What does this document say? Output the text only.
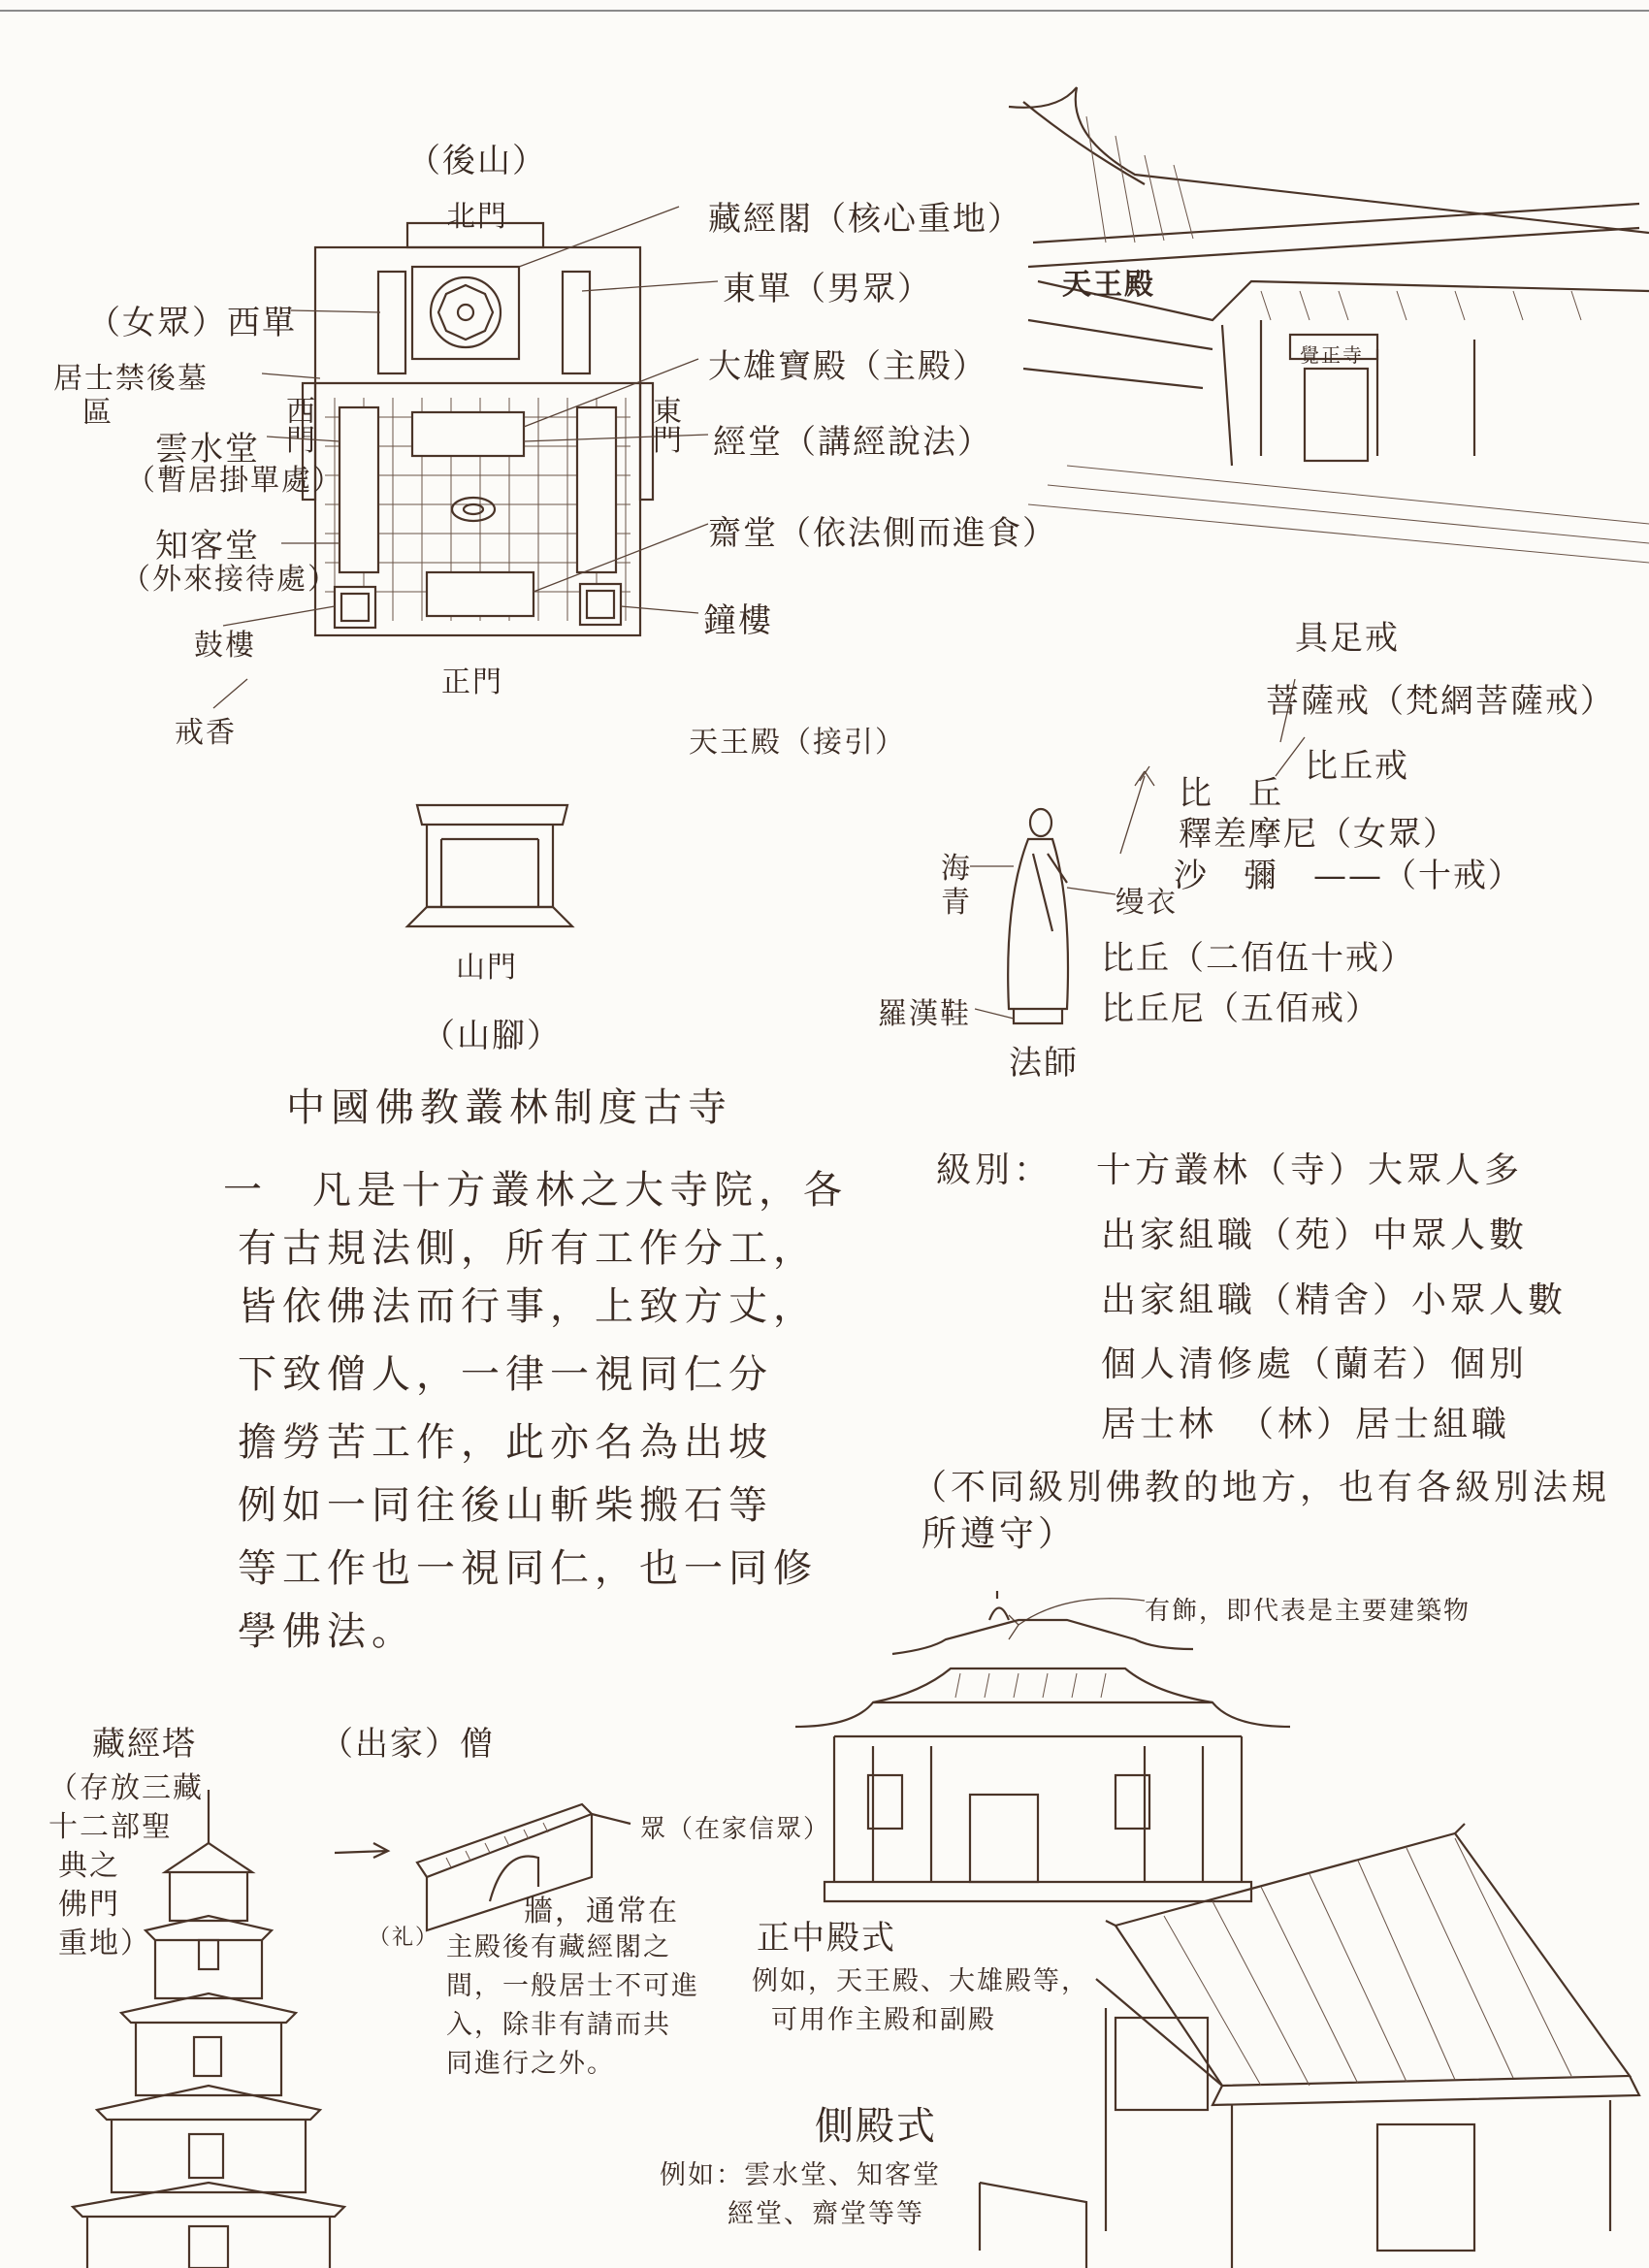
（後山）
北門
正門
西門
東門
藏經閣（核心重地）
東單（男眾）
大雄寶殿（主殿）
經堂（講經說法）
齋堂（依法側而進食）
鐘樓
（女眾）西單
居士禁後墓
區
雲水堂
（暫居掛單處）
知客堂
（外來接待處）
鼓樓
戒香	天王殿（接引）
山門
（山腳）
天王殿
覺正寺
海
青	缦衣
羅漢鞋
法師
具足戒
菩薩戒（梵網菩薩戒）
比丘戒
比　丘
釋差摩尼（女眾）
沙　彌　——（十戒）
比丘（二佰伍十戒）
比丘尼（五佰戒）
中國佛教叢林制度古寺
一　凡是十方叢林之大寺院，各
有古規法側，所有工作分工，
皆依佛法而行事，上致方丈，
下致僧人，一律一視同仁分
擔勞苦工作，此亦名為出坡
例如一同往後山斬柴搬石等
等工作也一視同仁，也一同修
學佛法。
級別： 十方叢林（寺）大眾人多
出家組職（苑）中眾人數
出家組職（精舍）小眾人數
個人清修處（蘭若）個別
居士林　（林）居士組職
（不同級別佛教的地方，也有各級別法規
所遵守）
有飾，即代表是主要建築物
藏經塔
（存放三藏
十二部聖
典之
佛門
重地）
（出家）僧
眾（在家信眾）
牆，通常在
主殿後有藏經閣之
間，一般居士不可進
入，除非有請而共
同進行之外。
（礼）	正中殿式
例如，天王殿、大雄殿等，
可用作主殿和副殿
側殿式
例如：雲水堂、知客堂
經堂、齋堂等等
